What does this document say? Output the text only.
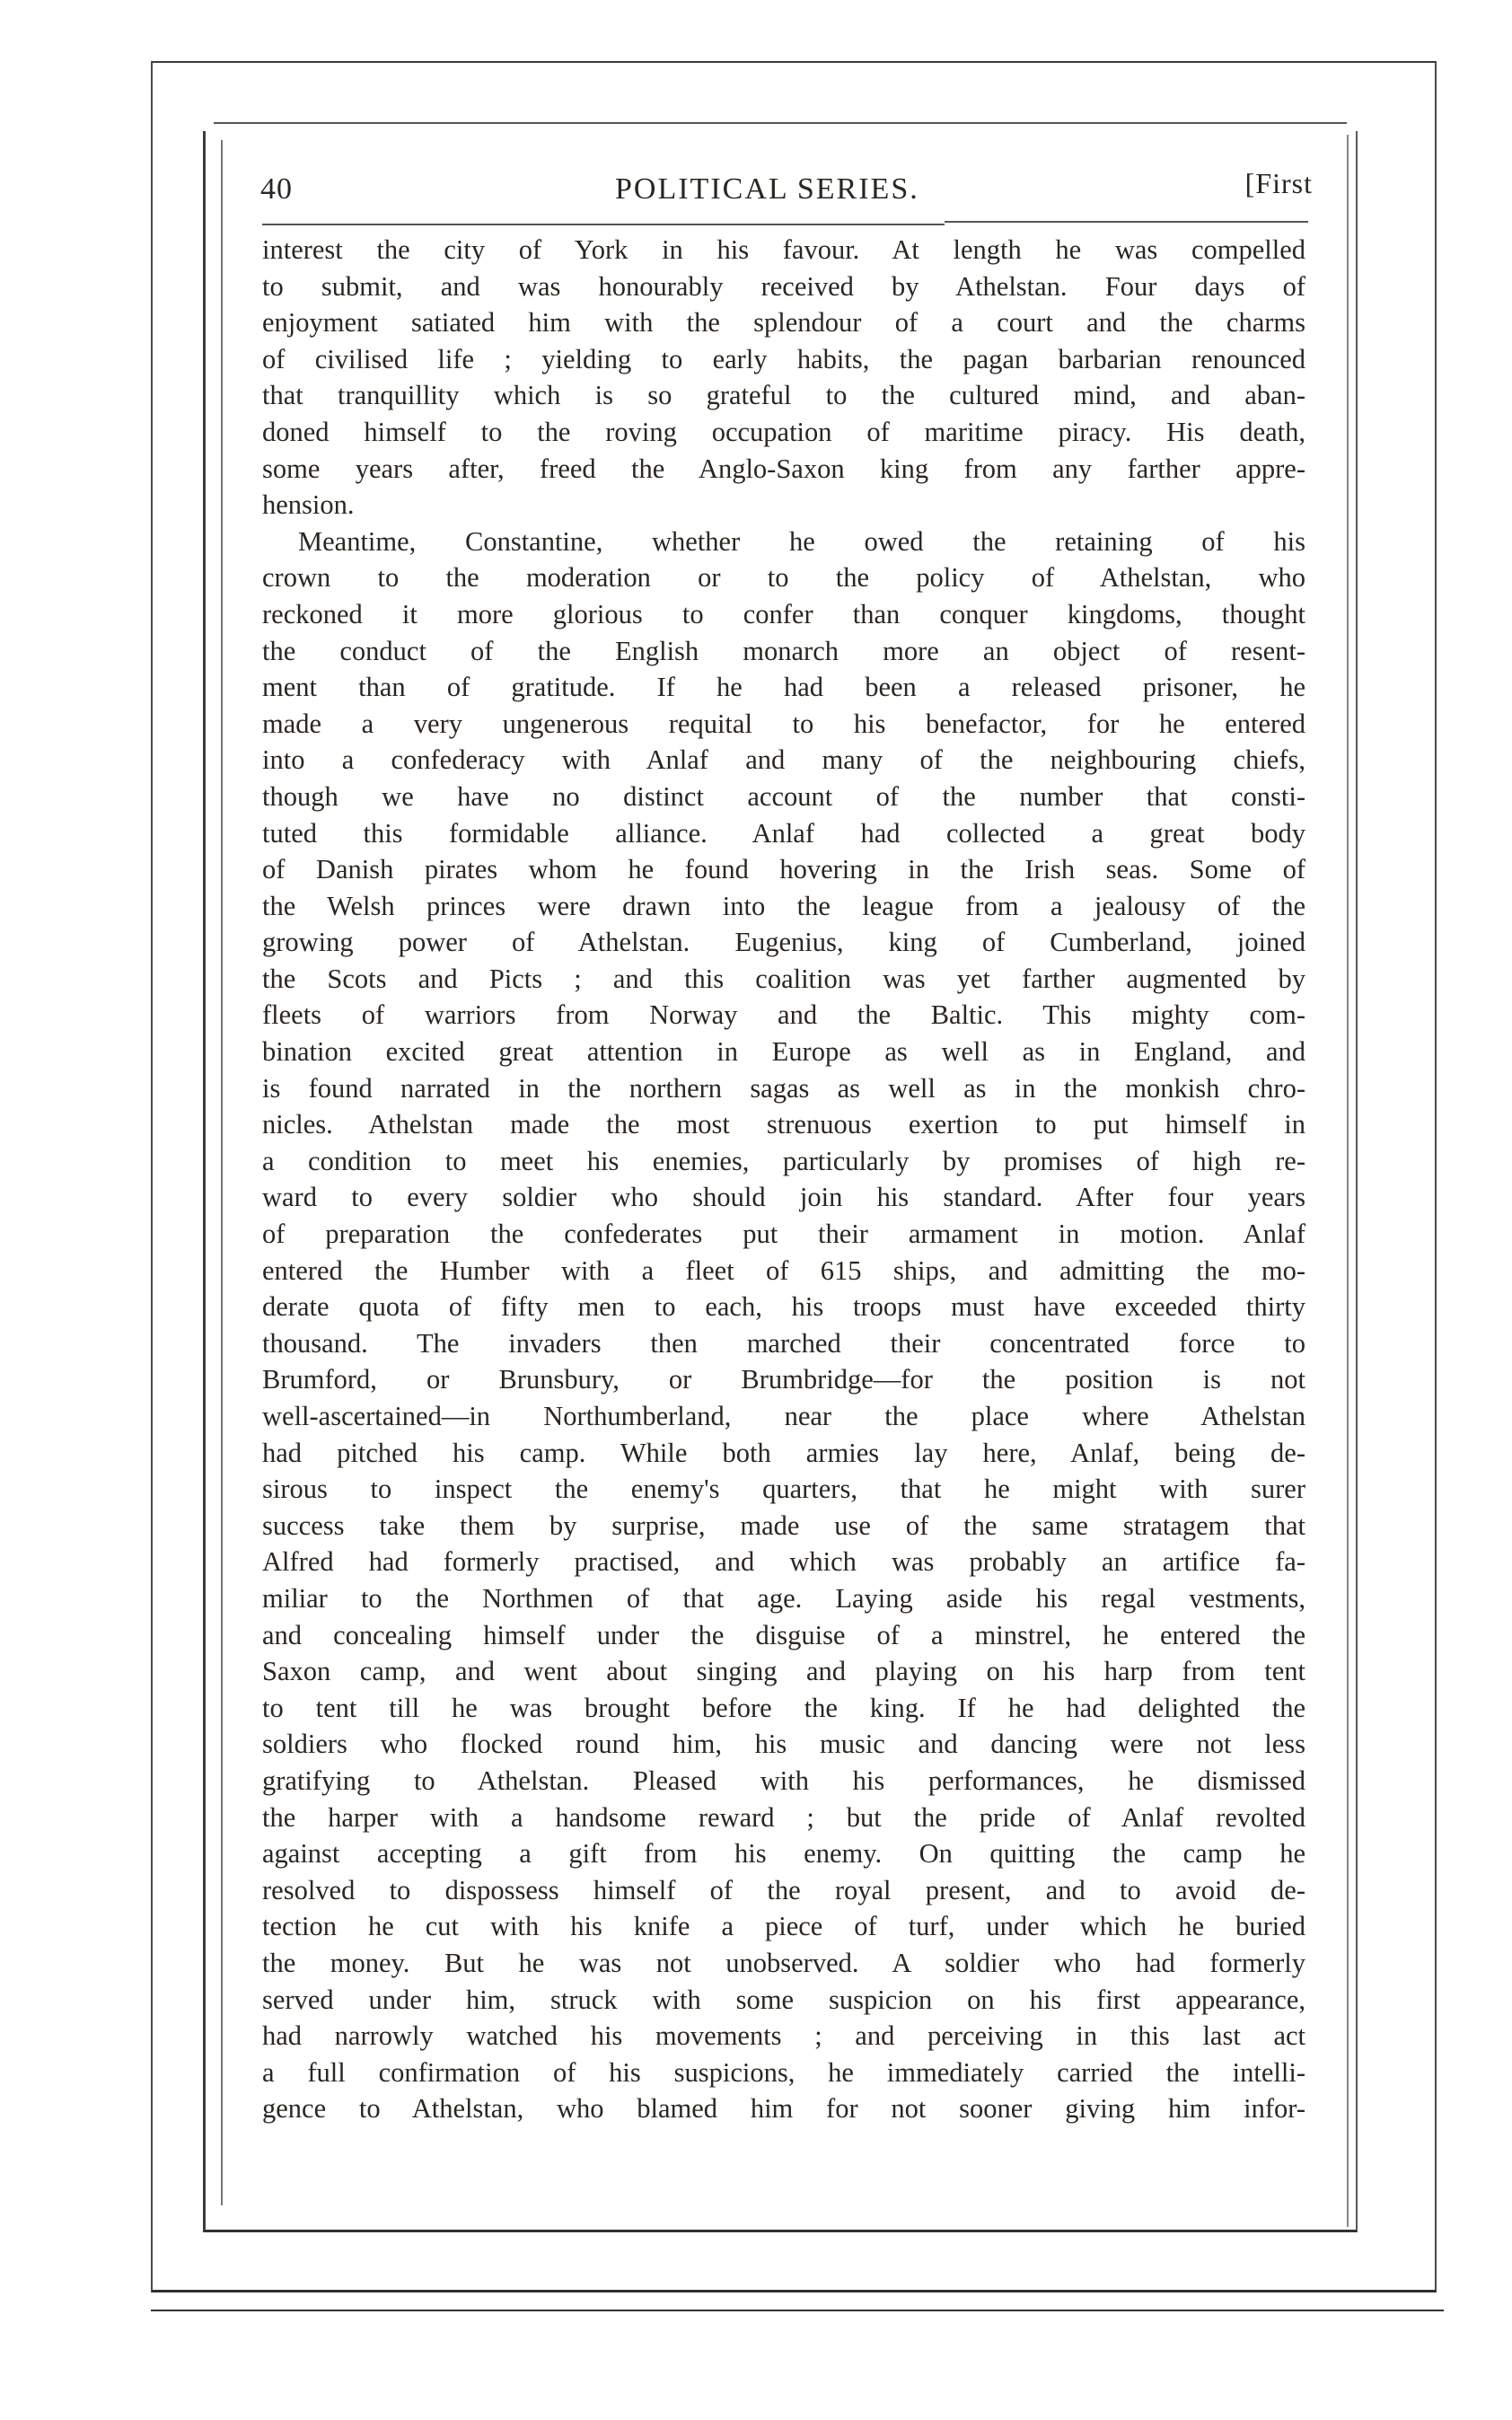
40	POLITICAL SERIES.	[First
interest the city of York in his favour. At length he was compelled
to submit, and was honourably received by Athelstan. Four days of
enjoyment satiated him with the splendour of a court and the charms
of civilised life ; yielding to early habits, the pagan barbarian renounced
that tranquillity which is so grateful to the cultured mind, and aban-
doned himself to the roving occupation of maritime piracy. His death,
some years after, freed the Anglo-Saxon king from any farther appre-
hension.
Meantime, Constantine, whether he owed the retaining of his
crown to the moderation or to the policy of Athelstan, who
reckoned it more glorious to confer than conquer kingdoms, thought
the conduct of the English monarch more an object of resent-
ment than of gratitude. If he had been a released prisoner, he
made a very ungenerous requital to his benefactor, for he entered
into a confederacy with Anlaf and many of the neighbouring chiefs,
though we have no distinct account of the number that consti-
tuted this formidable alliance. Anlaf had collected a great body
of Danish pirates whom he found hovering in the Irish seas. Some of
the Welsh princes were drawn into the league from a jealousy of the
growing power of Athelstan. Eugenius, king of Cumberland, joined
the Scots and Picts ; and this coalition was yet farther augmented by
fleets of warriors from Norway and the Baltic. This mighty com-
bination excited great attention in Europe as well as in England, and
is found narrated in the northern sagas as well as in the monkish chro-
nicles. Athelstan made the most strenuous exertion to put himself in
a condition to meet his enemies, particularly by promises of high re-
ward to every soldier who should join his standard. After four years
of preparation the confederates put their armament in motion. Anlaf
entered the Humber with a fleet of 615 ships, and admitting the mo-
derate quota of fifty men to each, his troops must have exceeded thirty
thousand. The invaders then marched their concentrated force to
Brumford, or Brunsbury, or Brumbridge—for the position is not
well-ascertained—in Northumberland, near the place where Athelstan
had pitched his camp. While both armies lay here, Anlaf, being de-
sirous to inspect the enemy's quarters, that he might with surer
success take them by surprise, made use of the same stratagem that
Alfred had formerly practised, and which was probably an artifice fa-
miliar to the Northmen of that age. Laying aside his regal vestments,
and concealing himself under the disguise of a minstrel, he entered the
Saxon camp, and went about singing and playing on his harp from tent
to tent till he was brought before the king. If he had delighted the
soldiers who flocked round him, his music and dancing were not less
gratifying to Athelstan. Pleased with his performances, he dismissed
the harper with a handsome reward ; but the pride of Anlaf revolted
against accepting a gift from his enemy. On quitting the camp he
resolved to dispossess himself of the royal present, and to avoid de-
tection he cut with his knife a piece of turf, under which he buried
the money. But he was not unobserved. A soldier who had formerly
served under him, struck with some suspicion on his first appearance,
had narrowly watched his movements ; and perceiving in this last act
a full confirmation of his suspicions, he immediately carried the intelli-
gence to Athelstan, who blamed him for not sooner giving him infor-
